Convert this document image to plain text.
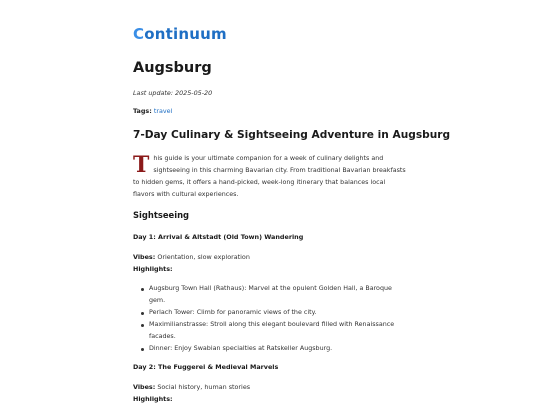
Continuum
Augsburg
Last update: 2025-05-20
Tags: travel
7-Day Culinary & Sightseeing Adventure in Augsburg

This guide is your ultimate companion for a week of culinary delights and sightseeing in this charming Bavarian city. From traditional Bavarian breakfasts to hidden gems, it offers a hand-picked, week-long itinerary that balances local flavors with cultural experiences.

Sightseeing
Day 1: Arrival & Altstadt (Old Town) Wandering
Vibes: Orientation, slow exploration
Highlights:
Augsburg Town Hall (Rathaus): Marvel at the opulent Golden Hall, a Baroque gem.
Perlach Tower: Climb for panoramic views of the city.
Maximilianstrasse: Stroll along this elegant boulevard filled with Renaissance facades.
Dinner: Enjoy Swabian specialties at Ratskeller Augsburg.
Day 2: The Fuggerei & Medieval Marvels
Vibes: Social history, human stories
Highlights:
